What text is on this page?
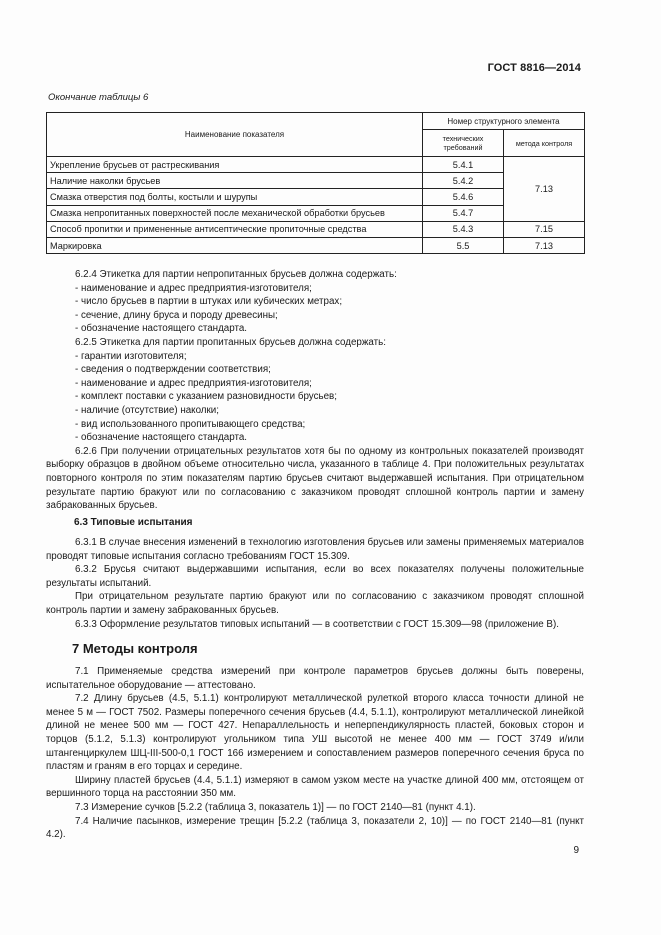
ГОСТ 8816—2014
Окончание таблицы 6
Наименование показателя	Номер структурного элемента	
	технических требований	метода контроля
Укрепление брусьев от растрескивания	5.4.1	7.13
Наличие наколки брусьев	5.4.2	
Смазка отверстия под болты, костыли и шурупы	5.4.6	
Смазка непропитанных поверхностей после механической обработки брусьев	5.4.7	
Способ пропитки и примененные антисептические пропиточные средства	5.4.3	7.15
Маркировка	5.5	7.13

6.2.4 Этикетка для партии непропитанных брусьев должна содержать:

- наименование и адрес предприятия-изготовителя;

- число брусьев в партии в штуках или кубических метрах;

- сечение, длину бруса и породу древесины;

- обозначение настоящего стандарта.

6.2.5 Этикетка для партии пропитанных брусьев должна содержать:

- гарантии изготовителя;

- сведения о подтверждении соответствия;

- наименование и адрес предприятия-изготовителя;

- комплект поставки с указанием разновидности брусьев;

- наличие (отсутствие) наколки;

- вид использованного пропитывающего средства;

- обозначение настоящего стандарта.

6.2.6 При получении отрицательных результатов хотя бы по одному из контрольных показателей производят выборку образцов в двойном объеме относительно числа, указанного в таблице 4. При положительных результатах повторного контроля по этим показателям партию брусьев считают выдержавшей испытания. При отрицательном результате партию бракуют или по согласованию с заказчиком проводят сплошной контроль партии и замену забракованных брусьев.

6.3 Типовые испытания

6.3.1 В случае внесения изменений в технологию изготовления брусьев или замены применяемых материалов проводят типовые испытания согласно требованиям ГОСТ 15.309.

6.3.2 Брусья считают выдержавшими испытания, если во всех показателях получены положительные результаты испытаний.

При отрицательном результате партию бракуют или по согласованию с заказчиком проводят сплошной контроль партии и замену забракованных брусьев.

6.3.3 Оформление результатов типовых испытаний — в соответствии с ГОСТ 15.309—98 (приложение В).

7 Методы контроля

7.1 Применяемые средства измерений при контроле параметров брусьев должны быть поверены, испытательное оборудование — аттестовано.

7.2 Длину брусьев (4.5, 5.1.1) контролируют металлической рулеткой второго класса точности длиной не менее 5 м — ГОСТ 7502. Размеры поперечного сечения брусьев (4.4, 5.1.1), контролируют металлической линейкой длиной не менее 500 мм — ГОСТ 427. Непараллельность и неперпендикулярность пластей, боковых сторон и торцов (5.1.2, 5.1.3) контролируют угольником типа УШ высотой не менее 400 мм — ГОСТ 3749 и/или штангенциркулем ШЦ-III-500-0,1 ГОСТ 166 измерением и сопоставлением размеров поперечного сечения бруса по пластям и граням в его торцах и середине.

Ширину пластей брусьев (4.4, 5.1.1) измеряют в самом узком месте на участке длиной 400 мм, отстоящем от вершинного торца на расстоянии 350 мм.

7.3 Измерение сучков [5.2.2 (таблица 3, показатель 1)] — по ГОСТ 2140—81 (пункт 4.1).

7.4 Наличие пасынков, измерение трещин [5.2.2 (таблица 3, показатели 2, 10)] — по ГОСТ 2140—81 (пункт 4.2).

9
